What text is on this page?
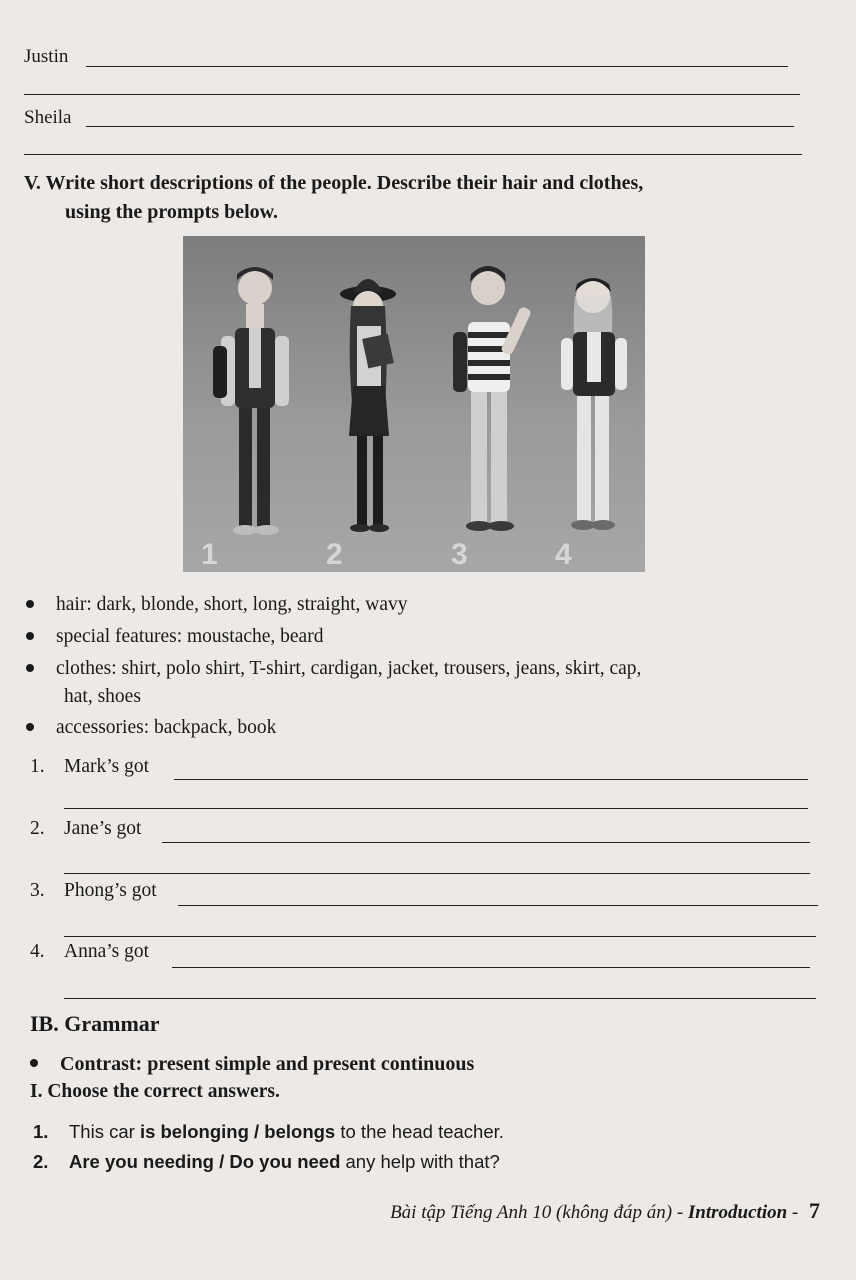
Justin
Sheila
V. Write short descriptions of the people. Describe their hair and clothes,
using the prompts below.
1	2	3	4
hair: dark, blonde, short, long, straight, wavy
special features: moustache, beard
clothes: shirt, polo shirt, T-shirt, cardigan, jacket, trousers, jeans, skirt, cap,
hat, shoes
accessories: backpack, book
1. Mark’s got
2. Jane’s got
3. Phong’s got
4. Anna’s got
IB. Grammar
Contrast: present simple and present continuous
I. Choose the correct answers.
1. This car is belonging / belongs to the head teacher.
2. Are you needing / Do you need any help with that?
Bài tập Tiếng Anh 10 (không đáp án) - Introduction - 7
